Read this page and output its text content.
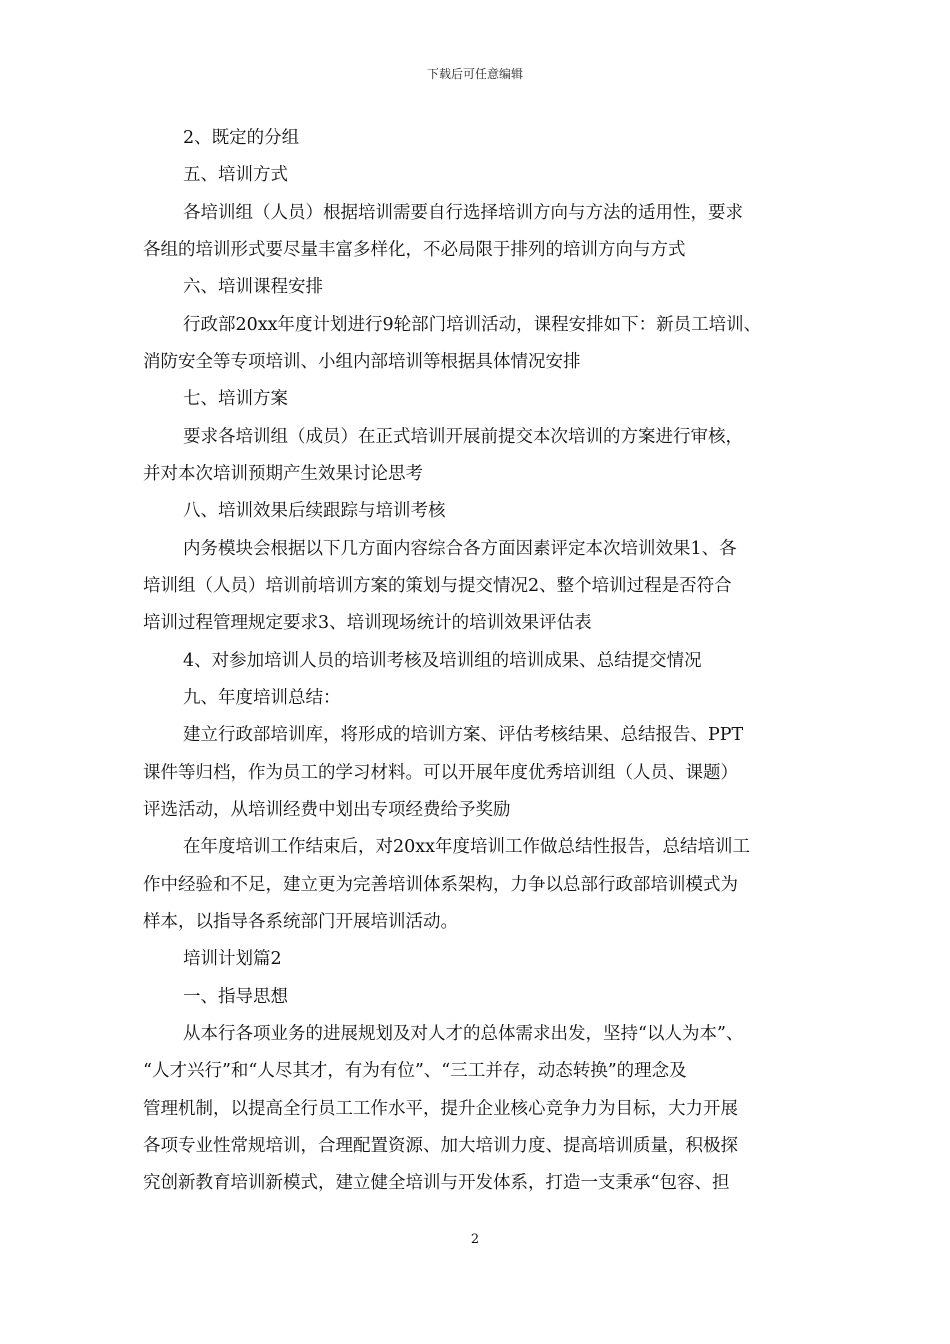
下载后可任意编辑
2、既定的分组
五、培训方式
各培训组（人员）根据培训需要自行选择培训方向与方法的适用性，要求
各组的培训形式要尽量丰富多样化，不必局限于排列的培训方向与方式
六、培训课程安排
行政部20xx年度计划进行9轮部门培训活动，课程安排如下：新员工培训、
消防安全等专项培训、小组内部培训等根据具体情况安排
七、培训方案
要求各培训组（成员）在正式培训开展前提交本次培训的方案进行审核，
并对本次培训预期产生效果讨论思考
八、培训效果后续跟踪与培训考核
内务模块会根据以下几方面内容综合各方面因素评定本次培训效果1、各
培训组（人员）培训前培训方案的策划与提交情况2、整个培训过程是否符合
培训过程管理规定要求3、培训现场统计的培训效果评估表
4、对参加培训人员的培训考核及培训组的培训成果、总结提交情况
九、年度培训总结：
建立行政部培训库，将形成的培训方案、评估考核结果、总结报告、PPT
课件等归档，作为员工的学习材料。可以开展年度优秀培训组（人员、课题）
评选活动，从培训经费中划出专项经费给予奖励
在年度培训工作结束后，对20xx年度培训工作做总结性报告，总结培训工
作中经验和不足，建立更为完善培训体系架构，力争以总部行政部培训模式为
样本，以指导各系统部门开展培训活动。
培训计划篇2
一、指导思想
从本行各项业务的进展规划及对人才的总体需求出发，坚持“以人为本”、
“人才兴行”和“人尽其才，有为有位”、“三工并存，动态转换”的理念及
管理机制，以提高全行员工工作水平，提升企业核心竞争力为目标，大力开展
各项专业性常规培训，合理配置资源、加大培训力度、提高培训质量，积极探
究创新教育培训新模式，建立健全培训与开发体系，打造一支秉承“包容、担
2
